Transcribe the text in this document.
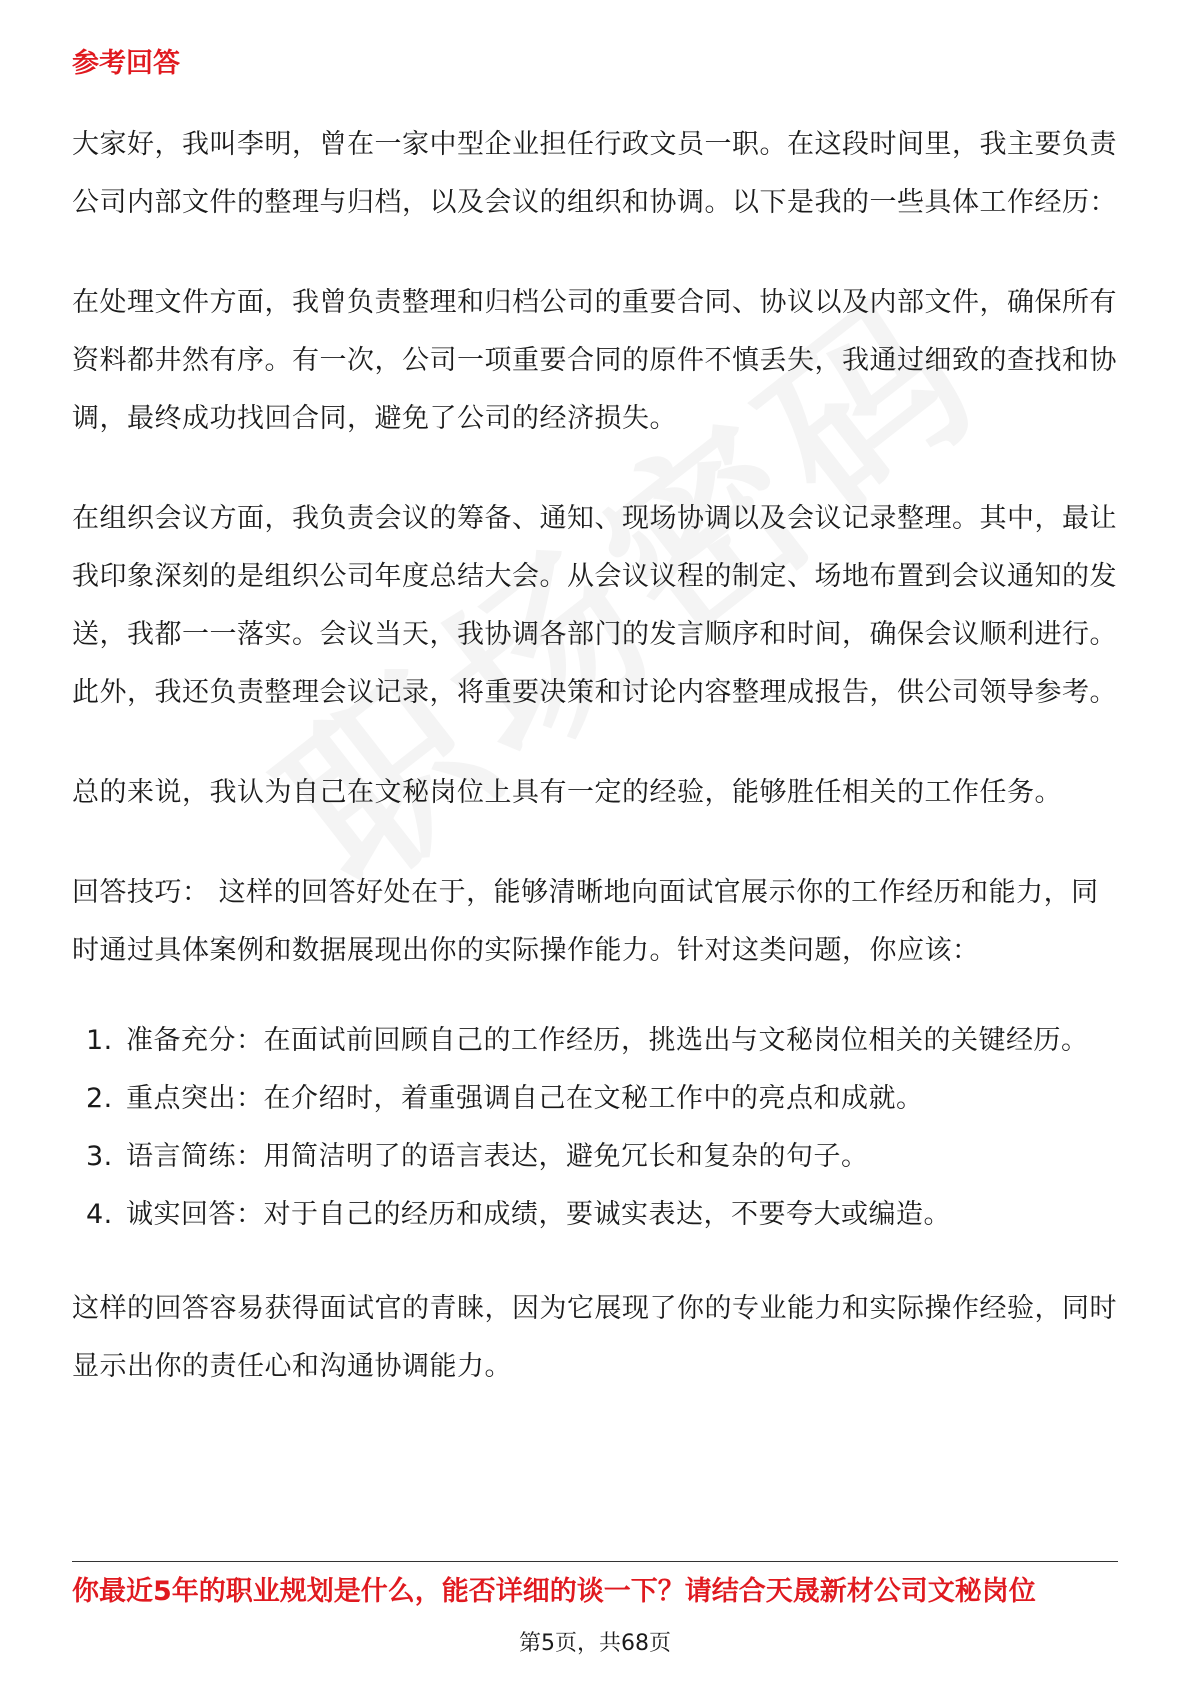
参考回答

大家好，我叫李明，曾在一家中型企业担任行政文员一职。在这段时间里，我主要负责公司内部文件的整理与归档，以及会议的组织和协调。以下是我的一些具体工作经历：

在处理文件方面，我曾负责整理和归档公司的重要合同、协议以及内部文件，确保所有资料都井然有序。有一次，公司一项重要合同的原件不慎丢失，我通过细致的查找和协调，最终成功找回合同，避免了公司的经济损失。

在组织会议方面，我负责会议的筹备、通知、现场协调以及会议记录整理。其中，最让我印象深刻的是组织公司年度总结大会。从会议议程的制定、场地布置到会议通知的发送，我都一一落实。会议当天，我协调各部门的发言顺序和时间，确保会议顺利进行。此外，我还负责整理会议记录，将重要决策和讨论内容整理成报告，供公司领导参考。

总的来说，我认为自己在文秘岗位上具有一定的经验，能够胜任相关的工作任务。

回答技巧： 这样的回答好处在于，能够清晰地向面试官展示你的工作经历和能力，同时通过具体案例和数据展现出你的实际操作能力。针对这类问题，你应该：

1. 准备充分：在面试前回顾自己的工作经历，挑选出与文秘岗位相关的关键经历。
2. 重点突出：在介绍时，着重强调自己在文秘工作中的亮点和成就。
3. 语言简练：用简洁明了的语言表达，避免冗长和复杂的句子。
4. 诚实回答：对于自己的经历和成绩，要诚实表达，不要夸大或编造。

这样的回答容易获得面试官的青睐，因为它展现了你的专业能力和实际操作经验，同时显示出你的责任心和沟通协调能力。

你最近5年的职业规划是什么，能否详细的谈一下？请结合天晟新材公司文秘岗位
第5页，共68页
